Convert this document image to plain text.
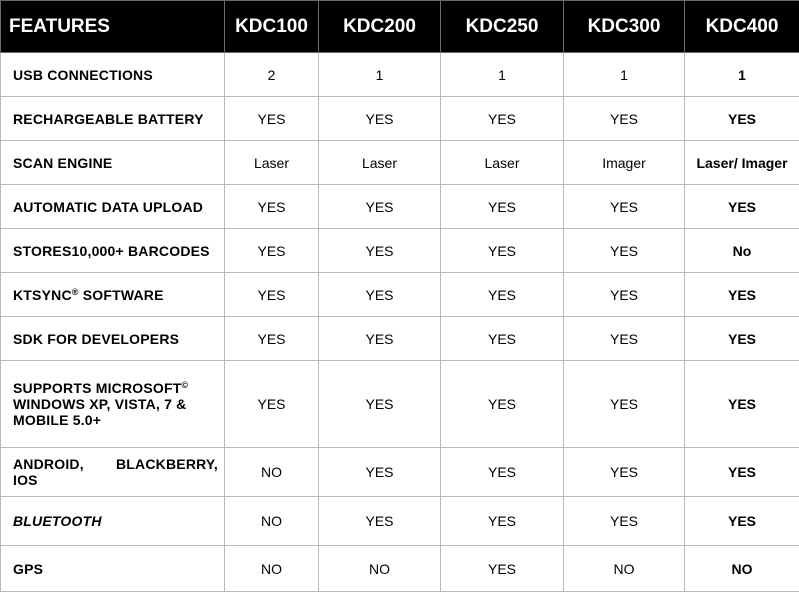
FEATURES	KDC100	KDC200	KDC250	KDC300	KDC400
USB CONNECTIONS	2	1	1	1	1
RECHARGEABLE BATTERY	YES	YES	YES	YES	YES
SCAN ENGINE	Laser	Laser	Laser	Imager	Laser/ Imager
AUTOMATIC DATA UPLOAD	YES	YES	YES	YES	YES
STORES10,000+ BARCODES	YES	YES	YES	YES	No
KTSYNC® SOFTWARE	YES	YES	YES	YES	YES
SDK FOR DEVELOPERS	YES	YES	YES	YES	YES
SUPPORTS MICROSOFT© WINDOWS XP, VISTA, 7 & MOBILE 5.0+	YES	YES	YES	YES	YES
ANDROID, BLACKBERRY, IOS	NO	YES	YES	YES	YES
BLUETOOTH	NO	YES	YES	YES	YES
GPS	NO	NO	YES	NO	NO
